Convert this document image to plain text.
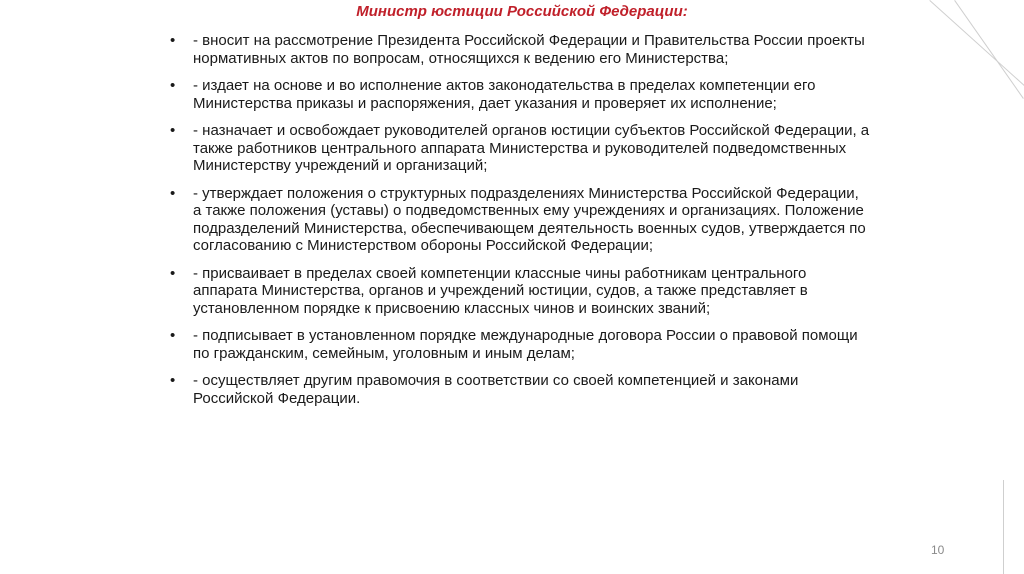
Министр юстиции Российской Федерации:
• - вносит на рассмотрение Президента Российской Федерации и Правительства России проекты нормативных актов по вопросам, относящихся к ведению его Министерства;
• - издает на основе и во исполнение актов законодательства в пределах компетенции его Министерства приказы и распоряжения, дает указания и проверяет их исполнение;
• - назначает и освобождает руководителей органов юстиции субъектов Российской Федерации, а также работников центрального аппарата Министерства и руководителей подведомственных Министерству учреждений и организаций;
• - утверждает положения о структурных подразделениях Министерства Российской Федерации, а также положения (уставы) о подведомственных ему учреждениях и организациях. Положение подразделений Министерства, обеспечивающем деятельность военных судов, утверждается по согласованию с Министерством обороны Российской Федерации;
• - присваивает в пределах своей компетенции классные чины работникам центрального аппарата Министерства, органов и учреждений юстиции, судов, а также представляет в установленном порядке к присвоению классных чинов и воинских званий;
• - подписывает в установленном порядке международные договора России о правовой помощи по гражданским, семейным, уголовным и иным делам;
• - осуществляет другим правомочия в соответствии со своей компетенцией и законами Российской Федерации.
10
